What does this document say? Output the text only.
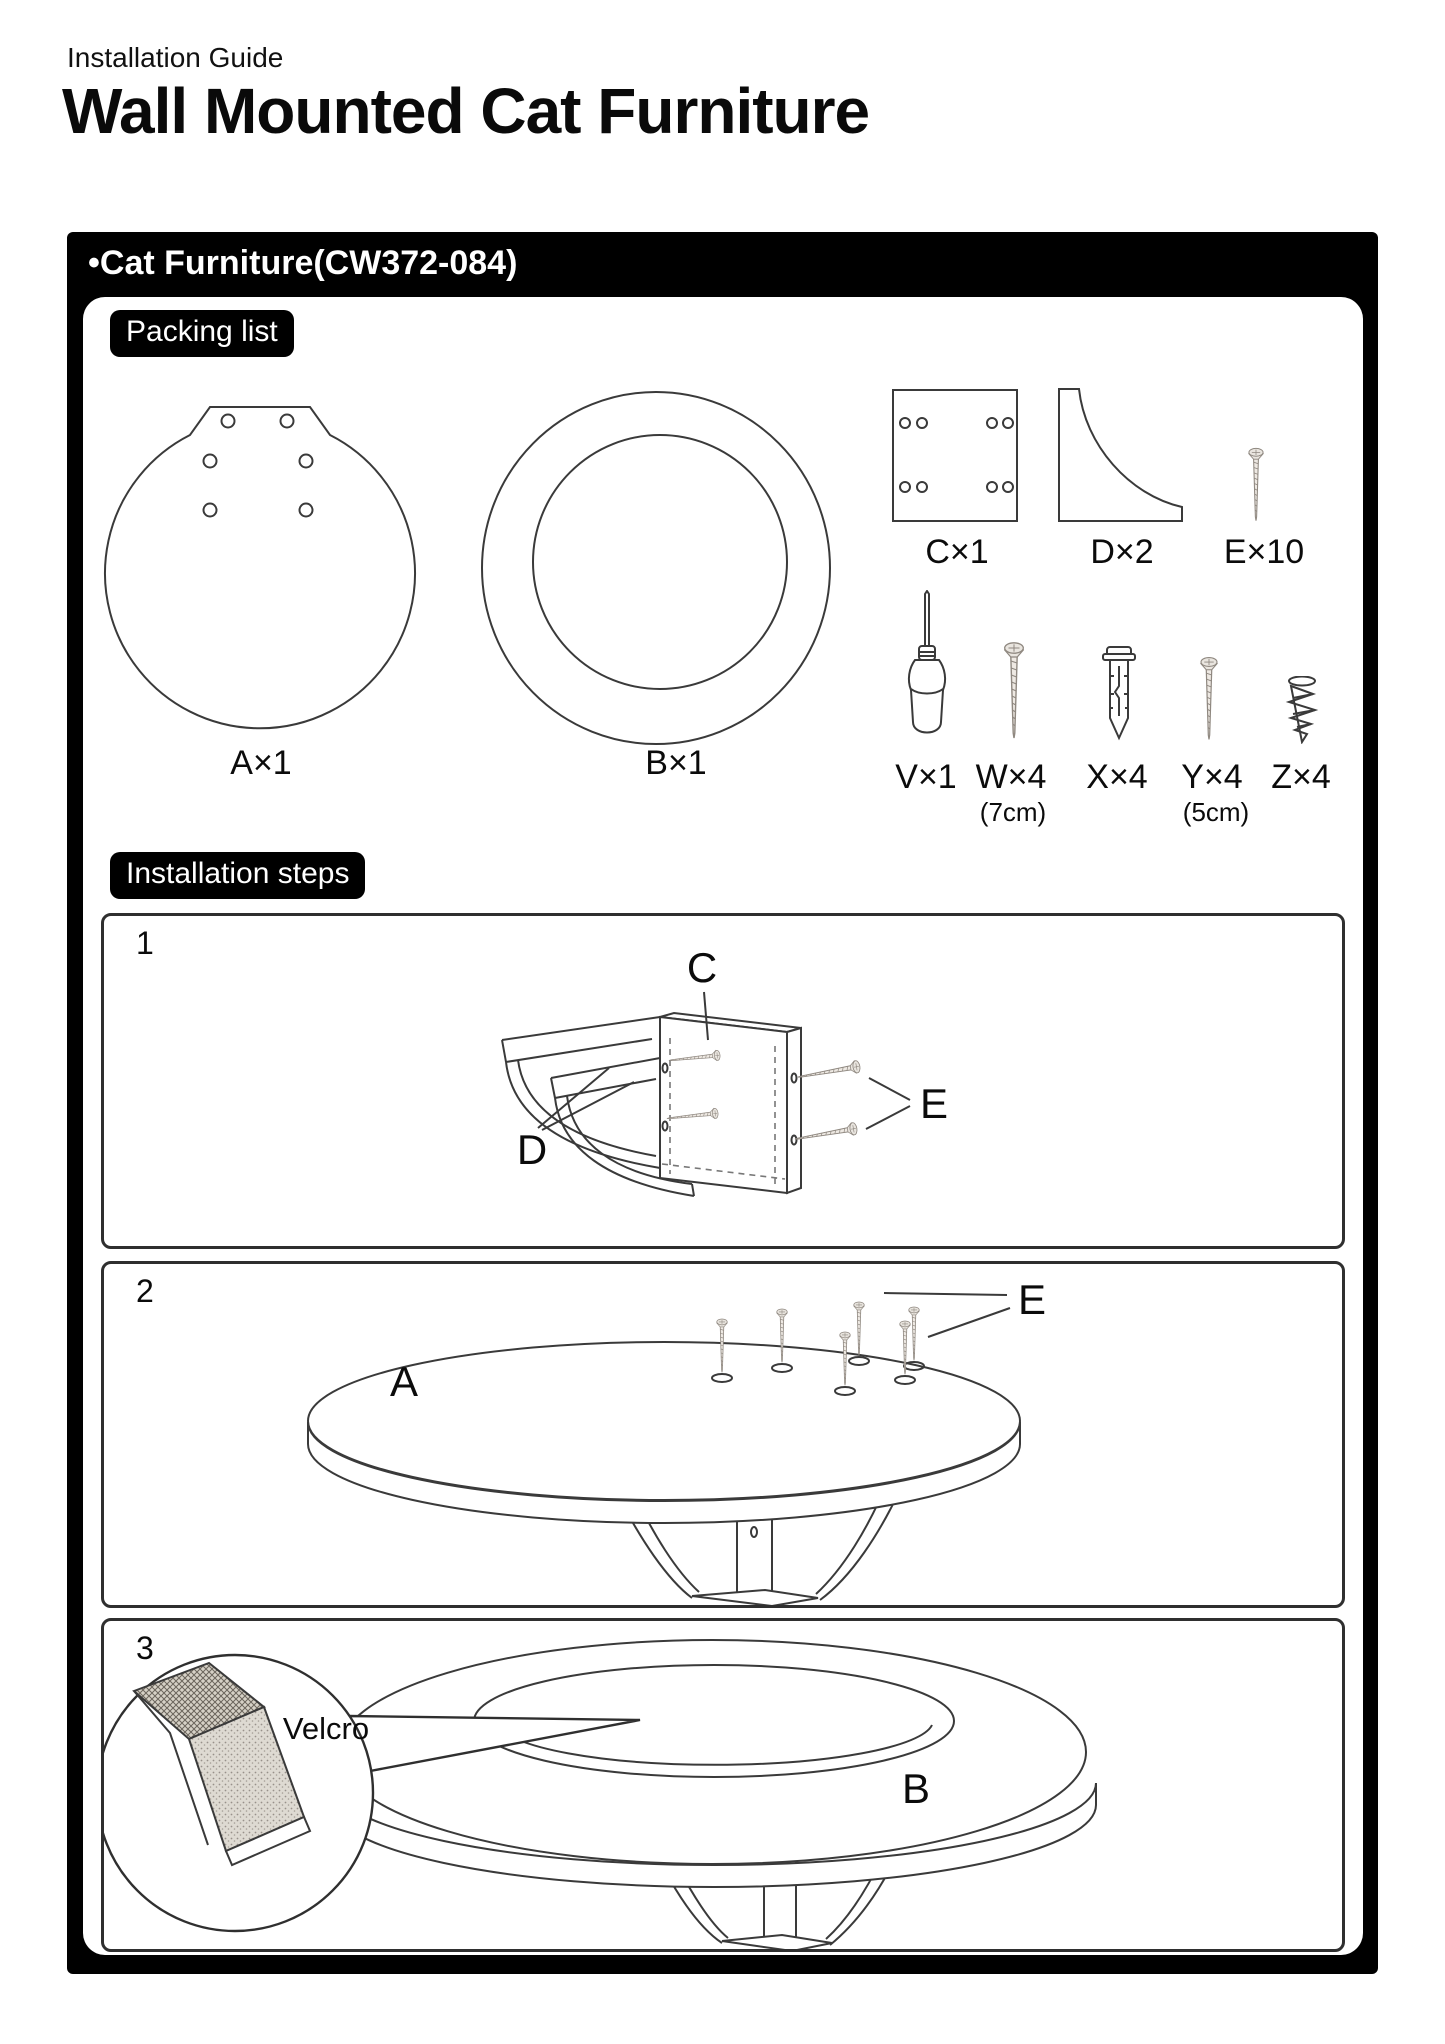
Installation Guide
Wall Mounted Cat Furniture
•Cat Furniture(CW372-084)
Packing list
A×1	B×1
C×1	D×2 E×10
V×1 W×4
(7cm)
X×4 Y×4
(5cm)
Z×4
Installation steps
1
C
D
E
2
A
E
3
B
Velcro
